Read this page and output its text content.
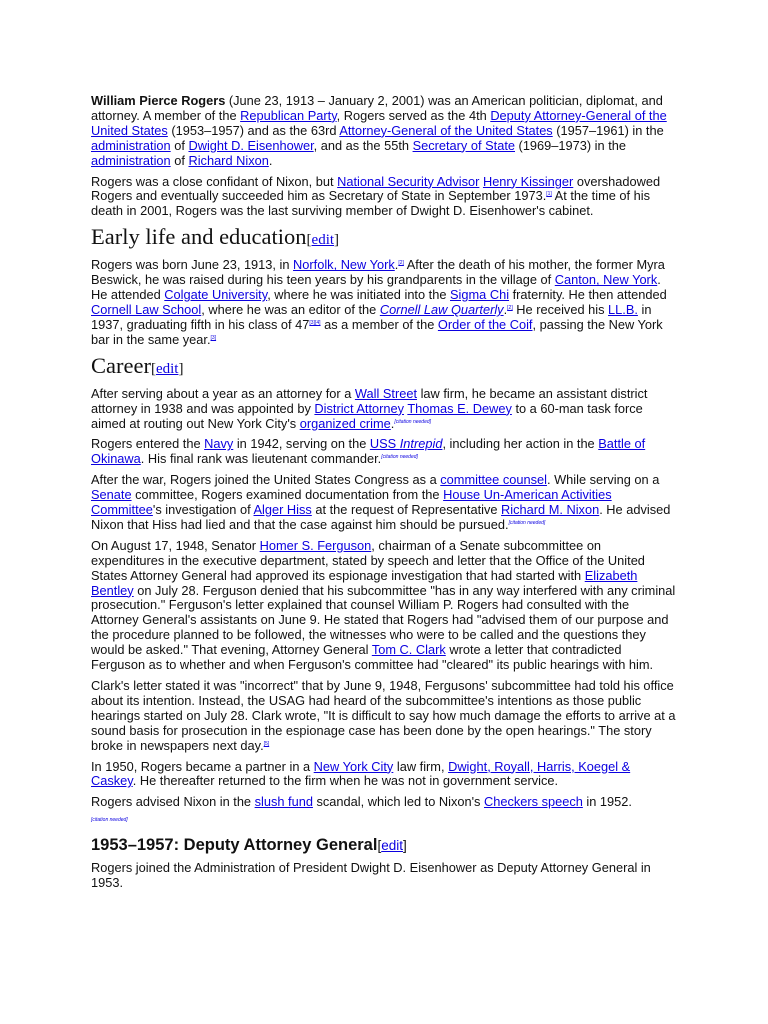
William Pierce Rogers (June 23, 1913 – January 2, 2001) was an American politician, diplomat, and attorney. A member of the Republican Party, Rogers served as the 4th Deputy Attorney-General of the United States (1953–1957) and as the 63rd Attorney-General of the United States (1957–1961) in the administration of Dwight D. Eisenhower, and as the 55th Secretary of State (1969–1973) in the administration of Richard Nixon.

Rogers was a close confidant of Nixon, but National Security Advisor Henry Kissinger overshadowed Rogers and eventually succeeded him as Secretary of State in September 1973.[1] At the time of his death in 2001, Rogers was the last surviving member of Dwight D. Eisenhower's cabinet.

Early life and education[edit]

Rogers was born June 23, 1913, in Norfolk, New York.[2] After the death of his mother, the former Myra Beswick, he was raised during his teen years by his grandparents in the village of Canton, New York. He attended Colgate University, where he was initiated into the Sigma Chi fraternity. He then attended Cornell Law School, where he was an editor of the Cornell Law Quarterly.[2] He received his LL.B. in 1937, graduating fifth in his class of 47[3][4] as a member of the Order of the Coif, passing the New York bar in the same year.[3]

Career[edit]

After serving about a year as an attorney for a Wall Street law firm, he became an assistant district attorney in 1938 and was appointed by District Attorney Thomas E. Dewey to a 60-man task force aimed at routing out New York City's organized crime.[citation needed]

Rogers entered the Navy in 1942, serving on the USS Intrepid, including her action in the Battle of Okinawa. His final rank was lieutenant commander.[citation needed]

After the war, Rogers joined the United States Congress as a committee counsel. While serving on a Senate committee, Rogers examined documentation from the House Un-American Activities Committee's investigation of Alger Hiss at the request of Representative Richard M. Nixon. He advised Nixon that Hiss had lied and that the case against him should be pursued.[citation needed]

On August 17, 1948, Senator Homer S. Ferguson, chairman of a Senate subcommittee on expenditures in the executive department, stated by speech and letter that the Office of the United States Attorney General had approved its espionage investigation that had started with Elizabeth Bentley on July 28. Ferguson denied that his subcommittee "has in any way interfered with any criminal prosecution." Ferguson's letter explained that counsel William P. Rogers had consulted with the Attorney General's assistants on June 9. He stated that Rogers had "advised them of our purpose and the procedure planned to be followed, the witnesses who were to be called and the questions they would be asked." That evening, Attorney General Tom C. Clark wrote a letter that contradicted Ferguson as to whether and when Ferguson's committee had "cleared" its public hearings with him.

Clark's letter stated it was "incorrect" that by June 9, 1948, Fergusons' subcommittee had told his office about its intention. Instead, the USAG had heard of the subcommittee's intentions as those public hearings started on July 28. Clark wrote, "It is difficult to say how much damage the efforts to arrive at a sound basis for prosecution in the espionage case has been done by the open hearings." The story broke in newspapers next day.[5]

In 1950, Rogers became a partner in a New York City law firm, Dwight, Royall, Harris, Koegel & Caskey. He thereafter returned to the firm when he was not in government service.

Rogers advised Nixon in the slush fund scandal, which led to Nixon's Checkers speech in 1952.
[citation needed]

1953–1957: Deputy Attorney General[edit]

Rogers joined the Administration of President Dwight D. Eisenhower as Deputy Attorney General in 1953.
